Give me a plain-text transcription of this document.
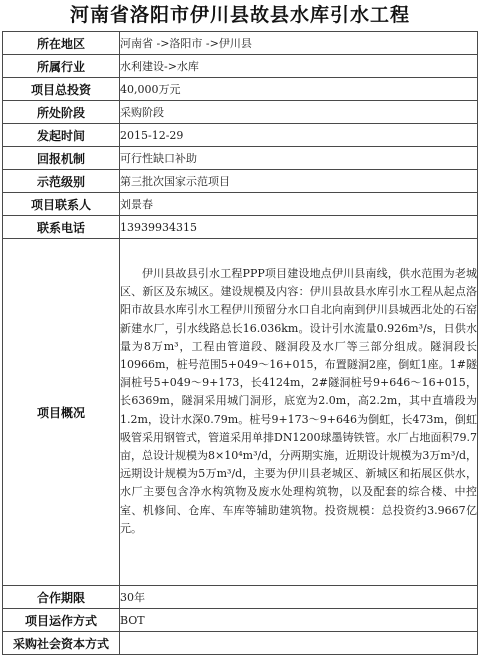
河南省洛阳市伊川县故县水库引水工程
所在地区	河南省 ->洛阳市 ->伊川县
所属行业	水利建设->水库
项目总投资	40,000万元
所处阶段	采购阶段
发起时间	2015-12-29
回报机制	可行性缺口补助
示范级别	第三批次国家示范项目
项目联系人	刘景春
联系电话	13939934315
项目概况	伊川县故县引水工程PPP项目建设地点伊川县南线，供水范围为老城区、新区及东城区。建设规模及内容：伊川县故县水库引水工程从起点洛阳市故县水库引水工程伊川预留分水口自北向南到伊川县城西北处的石窑新建水厂，引水线路总长16.036km。设计引水流量0.926m³/s，日供水量为8万m³，工程由管道段、隧洞段及水厂等三部分组成。隧洞段长10966m，桩号范围5+049～16+015，布置隧洞2座，倒虹1座。1#隧洞桩号5+049～9+173，长4124m，2#隧洞桩号9+646～16+015，长6369m，隧洞采用城门洞形，底宽为2.0m，高2.2m，其中直墙段为1.2m，设计水深0.79m。桩号9+173～9+646为倒虹，长473m，倒虹吸管采用钢管式，管道采用单排DN1200球墨铸铁管。水厂占地面积79.7亩，总设计规模为8×10⁴m³/d，分两期实施，近期设计规模为3万m³/d，远期设计规模为5万m³/d，主要为伊川县老城区、新城区和拓展区供水，水厂主要包含净水构筑物及废水处理构筑物，以及配套的综合楼、中控室、机修间、仓库、车库等辅助建筑物。投资规模：总投资约3.9667亿元。

合作期限	30年
项目运作方式	BOT
采购社会资本方式	
